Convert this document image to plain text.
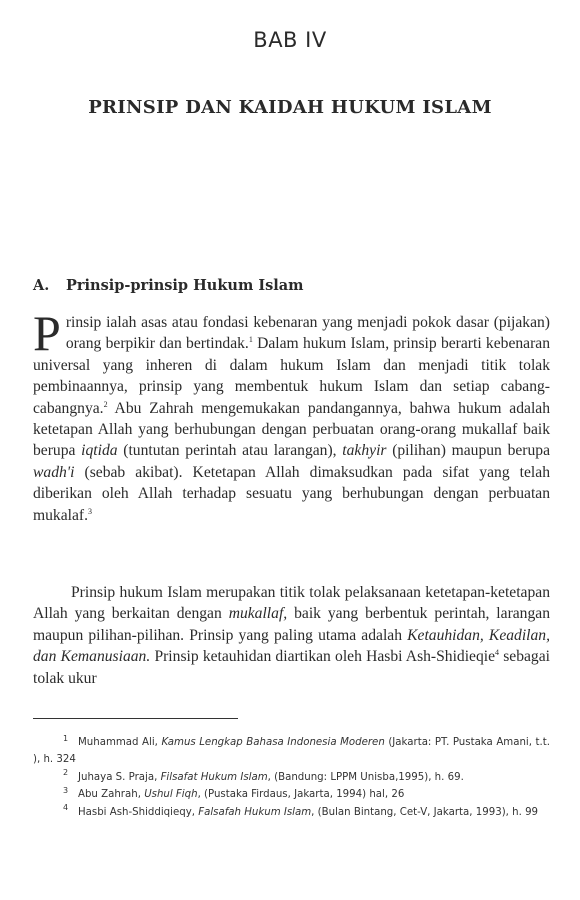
BAB IV
PRINSIP DAN KAIDAH HUKUM ISLAM
A.	Prinsip-prinsip Hukum Islam

Prinsip ialah asas atau fondasi kebenaran yang menjadi pokok dasar (pijakan) orang berpikir dan bertindak.$^1$ Dalam hukum Islam, prinsip berarti kebenaran universal yang inheren di dalam hukum Islam dan menjadi titik tolak pembinaannya, prinsip yang membentuk hukum Islam dan setiap cabang-cabangnya.$^2$ Abu Zahrah mengemukakan pandangannya, bahwa hukum adalah ketetapan Allah yang berhubungan dengan perbuatan orang-orang mukallaf baik berupa iqtida (tuntutan perintah atau larangan), takhyir (pilihan) maupun berupa wadh'i (sebab akibat). Ketetapan Allah dimaksudkan pada sifat yang telah diberikan oleh Allah terhadap sesuatu yang berhubungan dengan perbuatan mukalaf.$^3$

Prinsip hukum Islam merupakan titik tolak pelaksanaan ketetapan-ketetapan Allah yang berkaitan dengan mukallaf, baik yang berbentuk perintah, larangan maupun pilihan-pilihan. Prinsip yang paling utama adalah Ketauhidan, Keadilan, dan Kemanusiaan. Prinsip ketauhidan diartikan oleh Hasbi Ash-Shidieqie$^4$ sebagai tolak ukur

1 Muhammad Ali, Kamus Lengkap Bahasa Indonesia Moderen (Jakarta: PT. Pustaka Amani, t.t. ), h. 324
2 Juhaya S. Praja, Filsafat Hukum Islam, (Bandung: LPPM Unisba,1995), h. 69.
3 Abu Zahrah, Ushul Fiqh, (Pustaka Firdaus, Jakarta, 1994) hal, 26
4 Hasbi Ash-Shiddiqieqy, Falsafah Hukum Islam, (Bulan Bintang, Cet-V, Jakarta, 1993), h. 99
